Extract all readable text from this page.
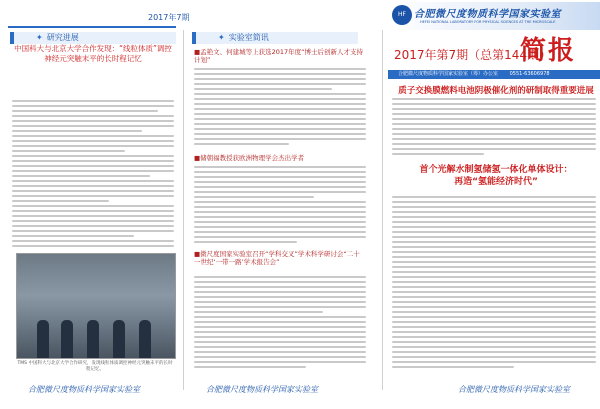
2017年7期
✦ 研究进展
中国科大与北京大学合作发现：“线粒体质”调控神经元突触末平的长时程记忆
TMS 中国科大与北京大学合作研究，发现线粒体质调控神经元突触末平的长时程记忆。
合肥微尺度物质科学国家实验室
✦ 实验室简讯
■孟艳文、何建城等上获选2017年度“博士后创新人才支持计划”
■储朝福教授获欧洲物理学会杰出学者
■微尺度国家实验室召开“学科交叉”学术科学研讨会“二十一世纪‘一带一路’学术报告会”
合肥微尺度物质科学国家实验室
HF 合肥微尺度物质科学国家实验室
HEFEI NATIONAL LABORATORY FOR PHYSICAL SCIENCES AT THE MICROSCALE
2017年第7期（总第144期）
简报
合肥微尺度物质科学国家实验室（筹）办公室 0551-63606978 hfnlo072@ustc.edu.cn
质子交换膜燃料电池阴极催化剂的研制取得重要进展
首个光解水制氢储氢一体化单体设计：
再造“氢能经济时代”
合肥微尺度物质科学国家实验室
